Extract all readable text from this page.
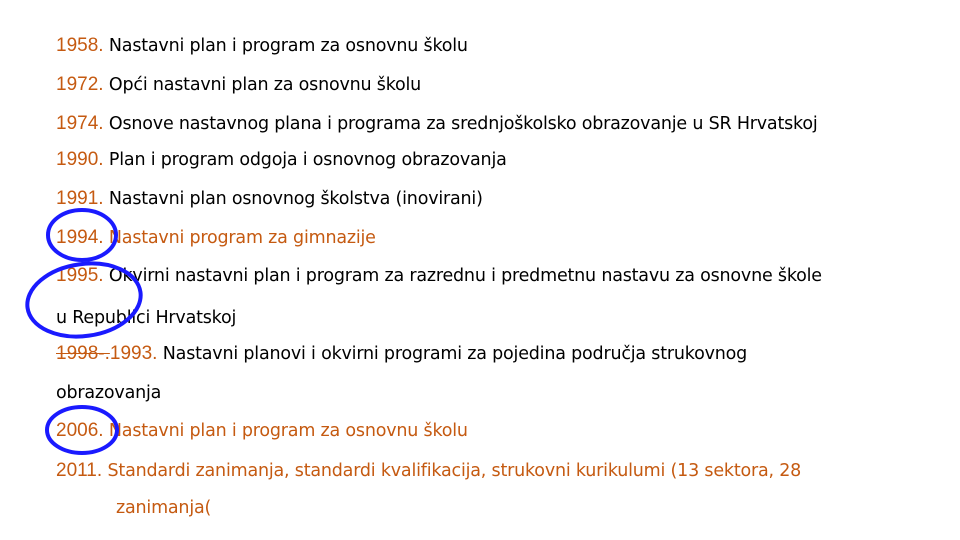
1958. Nastavni plan i program za osnovnu školu
1972. Opći nastavni plan za osnovnu školu
1974. Osnove nastavnog plana i programa za srednjoškolsko obrazovanje u SR Hrvatskoj
1990. Plan i program odgoja i osnovnog obrazovanja
1991. Nastavni plan osnovnog školstva (inovirani)
1994. Nastavni program za gimnazije
1995. Okvirni nastavni plan i program za razrednu i predmetnu nastavu za osnovne škole
u Republici Hrvatskoj
1998-.1993. Nastavni planovi i okvirni programi za pojedina područja strukovnog
obrazovanja
2006. Nastavni plan i program za osnovnu školu
2011. Standardi zanimanja, standardi kvalifikacija, strukovni kurikulumi (13 sektora, 28
zanimanja(
